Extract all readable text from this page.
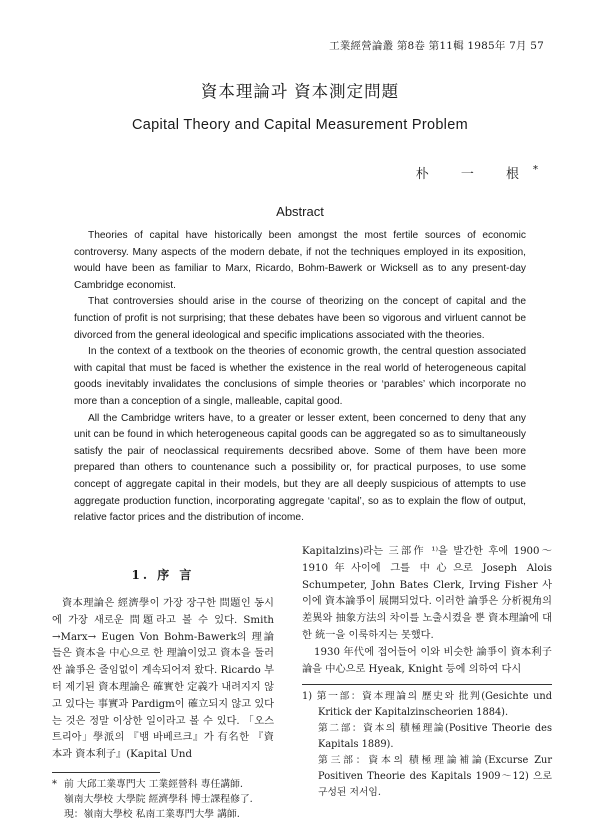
工業經營論叢 第8卷 第11輯 1985年 7月 57
資本理論과 資本測定問題
Capital Theory and Capital Measurement Problem
朴 一 根*
Abstract

Theories of capital have historically been amongst the most fertile sources of economic controversy. Many aspects of the modern debate, if not the techniques employed in its exposition, would have been as familiar to Marx, Ricardo, Bohm-Bawerk or Wicksell as to any present-day Cambridge economist.

That controversies should arise in the course of theorizing on the concept of capital and the function of profit is not surprising; that these debates have been so vigorous and virluent cannot be divorced from the general ideological and specific implications associated with the theories.

In the context of a textbook on the theories of economic growth, the central question associated with capital that must be faced is whether the existence in the real world of heterogeneous capital goods inevitably invalidates the conclusions of simple theories or ‘parables’ which incorporate no more than a conception of a single, malleable, capital good.

All the Cambridge writers have, to a greater or lesser extent, been concerned to deny that any unit can be found in which heterogeneous capital goods can be aggregated so as to simultaneously satisfy the pair of neoclassical requirements decsribed above. Some of them have been more prepared than others to countenance such a possibility or, for practical purposes, to use some concept of aggregate capital in their models, but they are all deeply suspicious of attempts to use aggregate production function, incorporating aggregate ‘capital’, so as to explain the flow of output, relative factor prices and the distribution of income.

1. 序 言

資本理論은 經濟學이 가장 장구한 問題인 동시에 가장 새로운 問題라고 볼 수 있다. Smith →Marx→ Eugen Von Bohm-Bawerk의 理論들은 資本을 中心으로 한 理論이었고 資本을 둘러싼 論爭은 줄임없이 계속되어져 왔다. Ricardo 부터 제기된 資本理論은 確實한 定義가 내려지지 않고 있다는 事實과 Pardigm이 確立되지 않고 있다는 것은 정말 이상한 일이라고 볼 수 있다. 「오스트리아」學派의 『뱀 바베르크』가 有名한 『資本과 資本利子』(Kapital Und

* 前 大邱工業專門大 工業經營科 專任講師.
嶺南大學校 大學院 經濟學科 博士課程修了.
現：嶺南大學校 私南工業專門大學 講師.

Kapitalzins)라는 三部作 ¹⁾을 발간한 후에 1900～1910年사이에 그를 中心으로 Joseph Alois Schumpeter, John Bates Clerk, Irving Fisher 사이에 資本論爭이 展開되었다. 이러한 論爭은 分析視角의 差異와 抽象方法의 차이를 노출시켰을 뿐 資本理論에 대한 統一을 이룩하지는 못했다.

1930 年代에 접어들어 이와 비슷한 論爭이 資本利子論을 中心으로 Hyeak, Knight 등에 의하여 다시

1) 第一部：資本理論의 歷史와 批判(Gesichte und Kritick der Kapitalzinscheorien 1884).

第二部：資本의 積極理論(Positive Theorie des Kapitals 1889).

第三部：資本의 積極理論補論(Excurse Zur Positiven Theorie des Kapitals 1909～12) 으로 구성된 저서임.
